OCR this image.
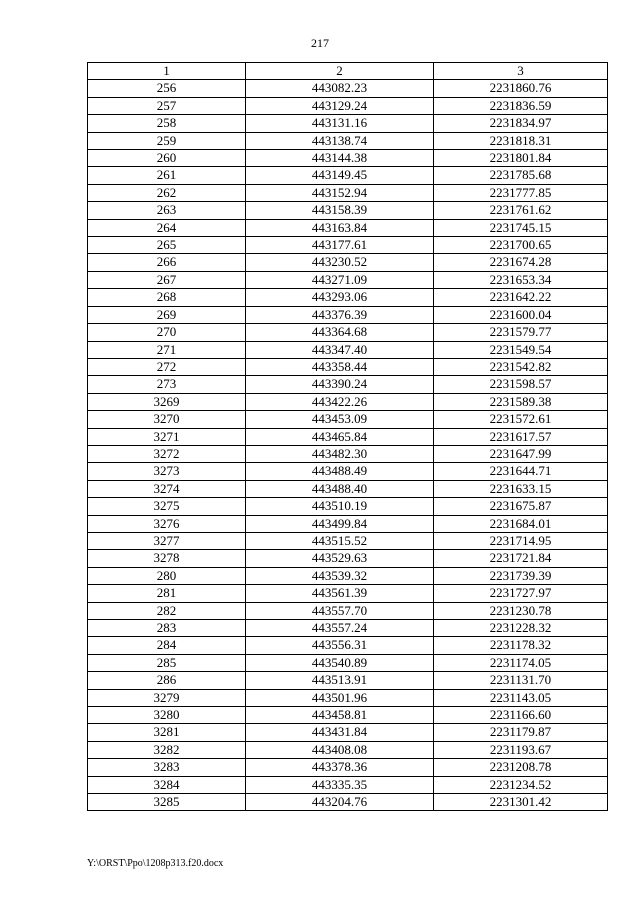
217
1	2	3
256	443082.23	2231860.76
257	443129.24	2231836.59
258	443131.16	2231834.97
259	443138.74	2231818.31
260	443144.38	2231801.84
261	443149.45	2231785.68
262	443152.94	2231777.85
263	443158.39	2231761.62
264	443163.84	2231745.15
265	443177.61	2231700.65
266	443230.52	2231674.28
267	443271.09	2231653.34
268	443293.06	2231642.22
269	443376.39	2231600.04
270	443364.68	2231579.77
271	443347.40	2231549.54
272	443358.44	2231542.82
273	443390.24	2231598.57
3269	443422.26	2231589.38
3270	443453.09	2231572.61
3271	443465.84	2231617.57
3272	443482.30	2231647.99
3273	443488.49	2231644.71
3274	443488.40	2231633.15
3275	443510.19	2231675.87
3276	443499.84	2231684.01
3277	443515.52	2231714.95
3278	443529.63	2231721.84
280	443539.32	2231739.39
281	443561.39	2231727.97
282	443557.70	2231230.78
283	443557.24	2231228.32
284	443556.31	2231178.32
285	443540.89	2231174.05
286	443513.91	2231131.70
3279	443501.96	2231143.05
3280	443458.81	2231166.60
3281	443431.84	2231179.87
3282	443408.08	2231193.67
3283	443378.36	2231208.78
3284	443335.35	2231234.52
3285	443204.76	2231301.42
Y:\ORST\Ppo\1208p313.f20.docx
